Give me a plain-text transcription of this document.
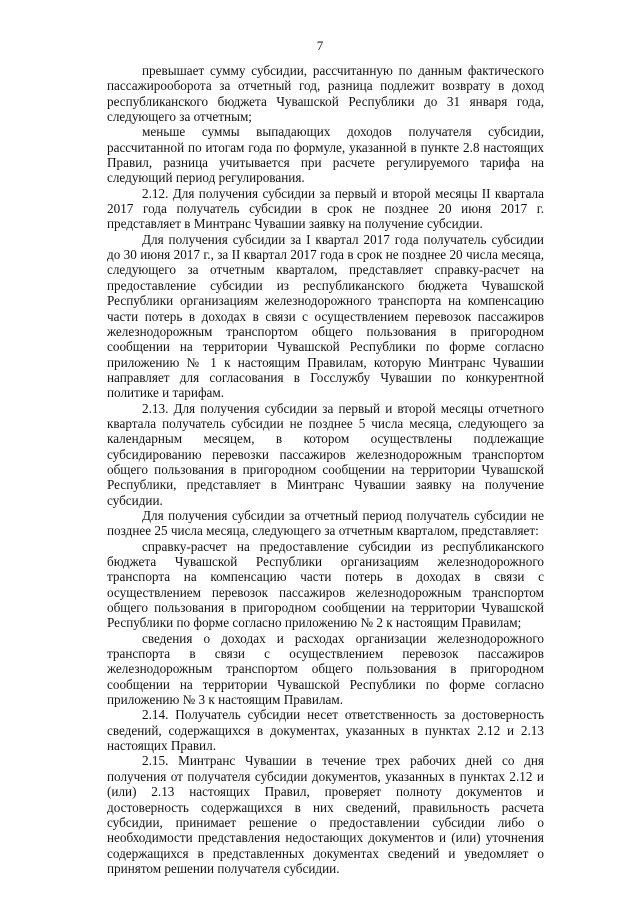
7

превышает сумму субсидии, рассчитанную по данным фактического пассажирооборота за отчетный год, разница подлежит возврату в доход республиканского бюджета Чувашской Республики до 31 января года, следующего за отчетным;

меньше суммы выпадающих доходов получателя субсидии, рассчитанной по итогам года по формуле, указанной в пункте 2.8 настоящих Правил, разница учитывается при расчете регулируемого тарифа на следующий период регулирования.

2.12. Для получения субсидии за первый и второй месяцы II квартала 2017 года получатель субсидии в срок не позднее 20 июня 2017 г. представляет в Минтранс Чувашии заявку на получение субсидии.

Для получения субсидии за I квартал 2017 года получатель субсидии до 30 июня 2017 г., за II квартал 2017 года в срок не позднее 20 числа месяца, следующего за отчетным кварталом, представляет справку-расчет на предоставление субсидии из республиканского бюджета Чувашской Республики организациям железнодорожного транспорта на компенсацию части потерь в доходах в связи с осуществлением перевозок пассажиров железнодорожным транспортом общего пользования в пригородном сообщении на территории Чувашской Республики по форме согласно приложению № 1 к настоящим Правилам, которую Минтранс Чувашии направляет для согласования в Госслужбу Чувашии по конкурентной политике и тарифам.

2.13. Для получения субсидии за первый и второй месяцы отчетного квартала получатель субсидии не позднее 5 числа месяца, следующего за календарным месяцем, в котором осуществлены подлежащие субсидированию перевозки пассажиров железнодорожным транспортом общего пользования в пригородном сообщении на территории Чувашской Республики, представляет в Минтранс Чувашии заявку на получение субсидии.

Для получения субсидии за отчетный период получатель субсидии не позднее 25 числа месяца, следующего за отчетным кварталом, представляет:

справку-расчет на предоставление субсидии из республиканского бюджета Чувашской Республики организациям железнодорожного транспорта на компенсацию части потерь в доходах в связи с осуществлением перевозок пассажиров железнодорожным транспортом общего пользования в пригородном сообщении на территории Чувашской Республики по форме согласно приложению № 2 к настоящим Правилам;

сведения о доходах и расходах организации железнодорожного транспорта в связи с осуществлением перевозок пассажиров железнодорожным транспортом общего пользования в пригородном сообщении на территории Чувашской Республики по форме согласно приложению № 3 к настоящим Правилам.

2.14. Получатель субсидии несет ответственность за достоверность сведений, содержащихся в документах, указанных в пунктах 2.12 и 2.13 настоящих Правил.

2.15. Минтранс Чувашии в течение трех рабочих дней со дня получения от получателя субсидии документов, указанных в пунктах 2.12 и (или) 2.13 настоящих Правил, проверяет полноту документов и достоверность содержащихся в них сведений, правильность расчета субсидии, принимает решение о предоставлении субсидии либо о необходимости представления недостающих документов и (или) уточнения содержащихся в представленных документах сведений и уведомляет о принятом решении получателя субсидии.
